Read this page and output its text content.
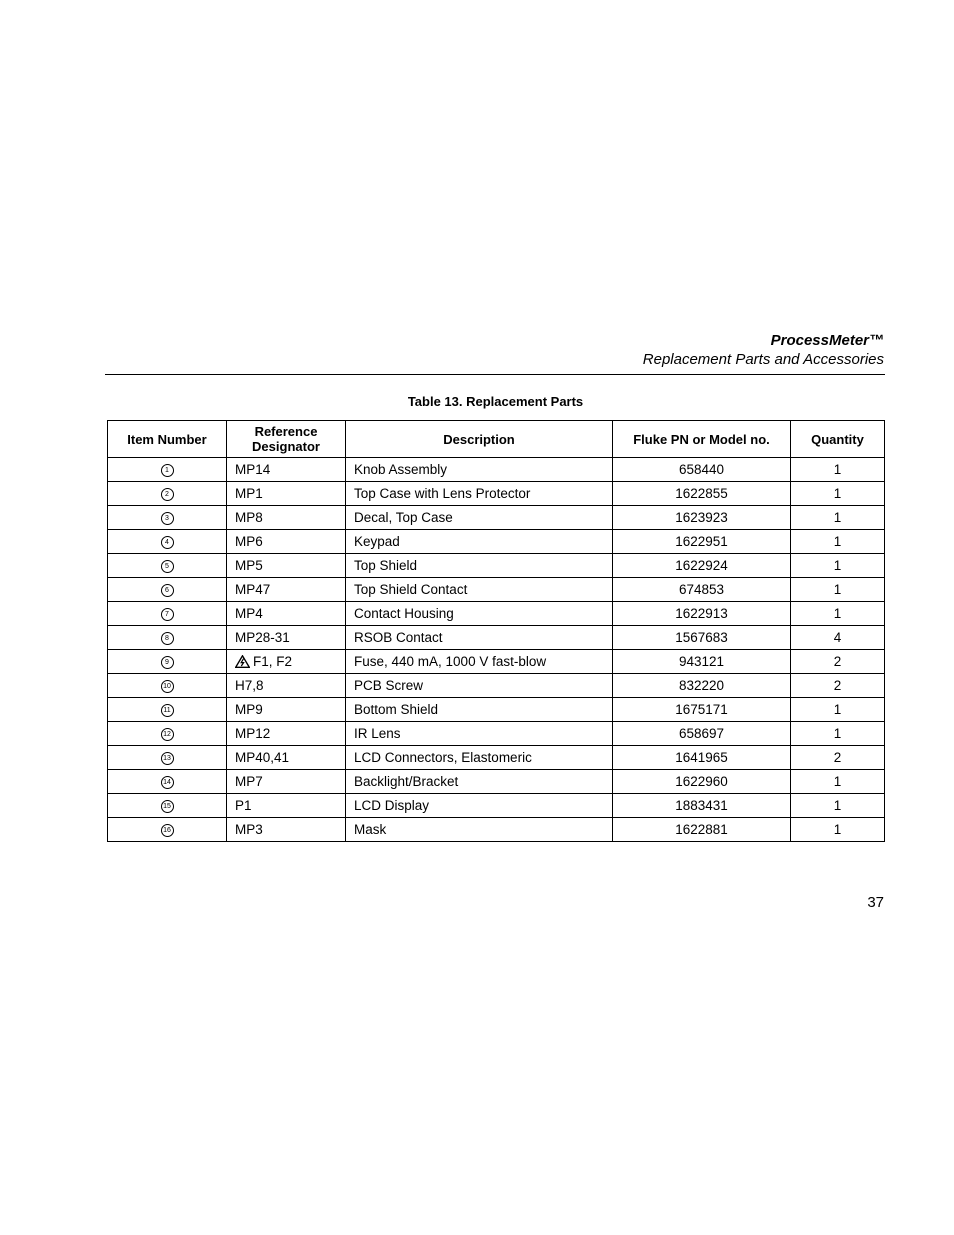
ProcessMeter™
Replacement Parts and Accessories
Table 13. Replacement Parts
Item Number	Reference Designator	Description	Fluke PN or Model no.	Quantity
1	MP14	Knob Assembly	658440	1
2	MP1	Top Case with Lens Protector	1622855	1
3	MP8	Decal, Top Case	1623923	1
4	MP6	Keypad	1622951	1
5	MP5	Top Shield	1622924	1
6	MP47	Top Shield Contact	674853	1
7	MP4	Contact Housing	1622913	1
8	MP28-31	RSOB Contact	1567683	4
9	F1, F2	Fuse, 440 mA, 1000 V fast-blow	943121	2
10	H7,8	PCB Screw	832220	2
11	MP9	Bottom Shield	1675171	1
12	MP12	IR Lens	658697	1
13	MP40,41	LCD Connectors, Elastomeric	1641965	2
14	MP7	Backlight/Bracket	1622960	1
15	P1	LCD Display	1883431	1
16	MP3	Mask	1622881	1
37
